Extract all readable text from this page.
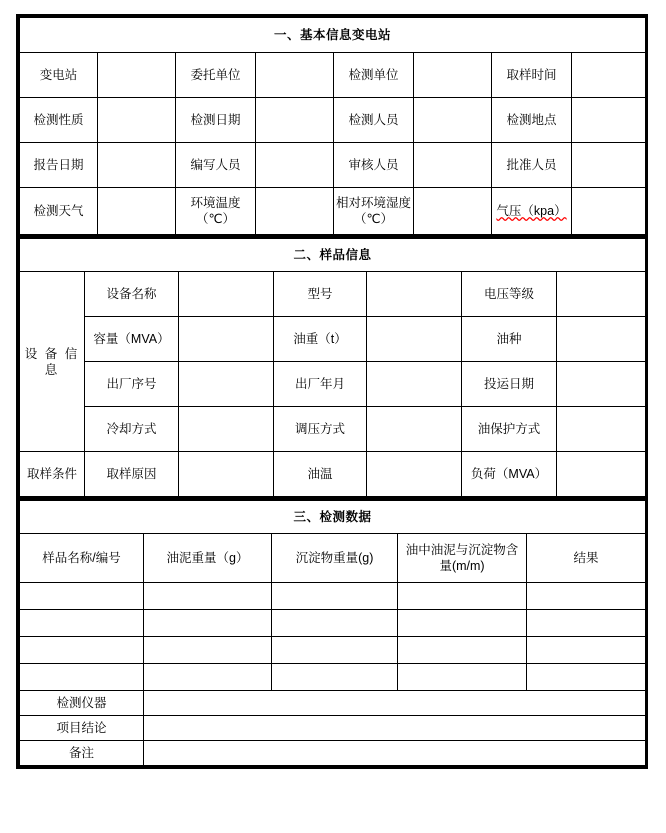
一、基本信息变电站							
变电站		委托单位		检测单位		取样时间	
检测性质		检测日期		检测人员		检测地点	
报告日期		编写人员		审核人员		批准人员	
检测天气		环境温度（℃）		相对环境湿度（℃）		气压（kpa）	
二、样品信息						
设 备 信 息	设备名称		型号		电压等级	
	容量（MVA）		油重（t）		油种	
	出厂序号		出厂年月		投运日期	
	冷却方式		调压方式		油保护方式	
取样条件	取样原因		油温		负荷（MVA）	
三、检测数据				
样品名称/编号	油泥重量（g）	沉淀物重量(g)	油中油泥与沉淀物含量(m/m)	结果

检测仪器				
项目结论				
备注				
